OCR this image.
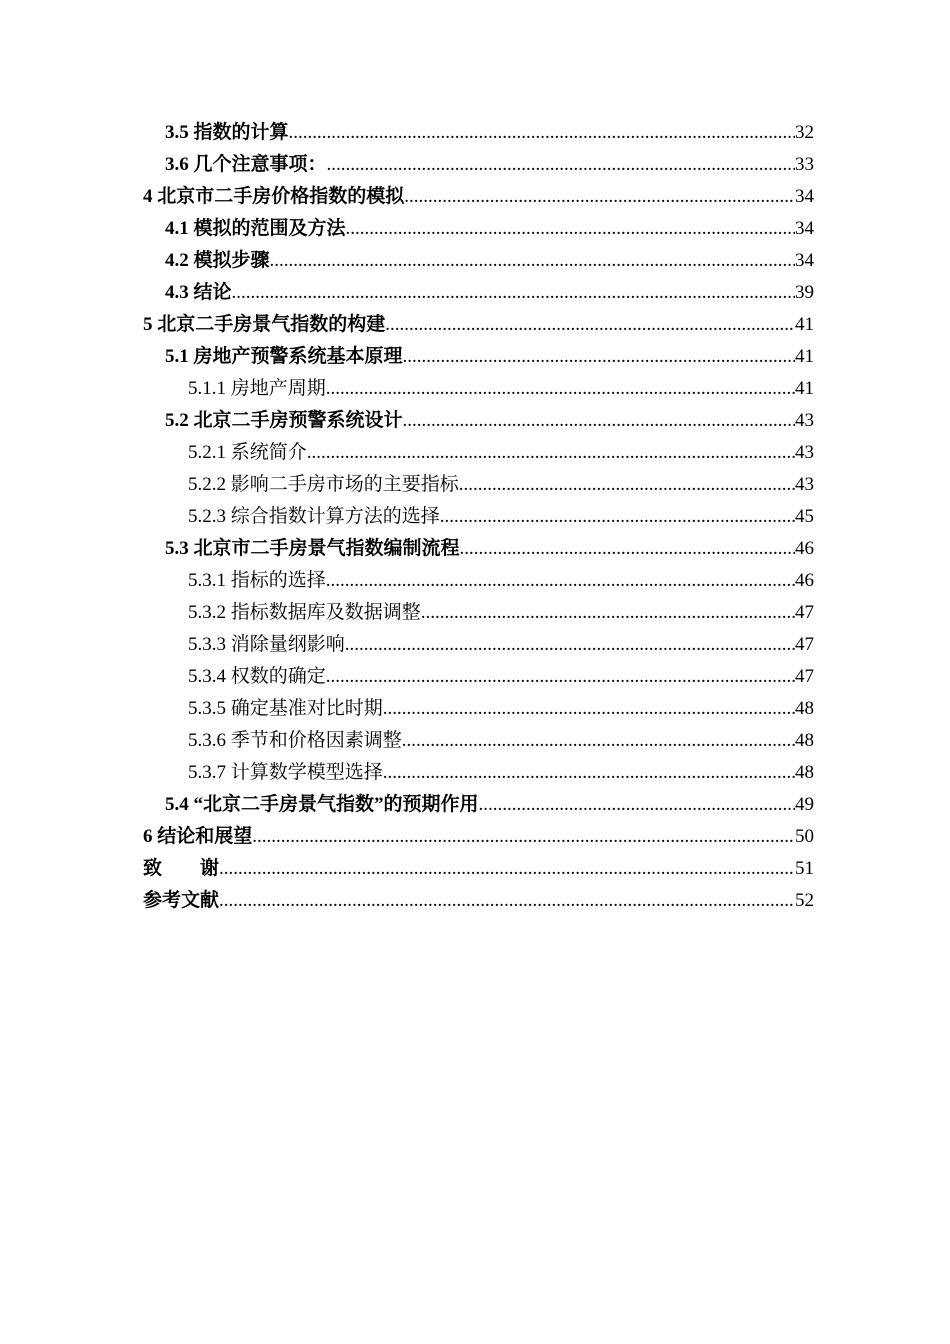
3.5 指数的计算 .....	32
3.6 几个注意事项： .....	33
4 北京市二手房价格指数的模拟 .....	34
4.1 模拟的范围及方法 .....	34
4.2 模拟步骤 .....	34
4.3 结论 .....	39
5 北京二手房景气指数的构建 .....	41
5.1 房地产预警系统基本原理 .....	41
5.1.1 房地产周期 .....	41
5.2 北京二手房预警系统设计 .....	43
5.2.1 系统简介 .....	43
5.2.2 影响二手房市场的主要指标 .....	43
5.2.3 综合指数计算方法的选择 .....	45
5.3 北京市二手房景气指数编制流程 .....	46
5.3.1 指标的选择 .....	46
5.3.2 指标数据库及数据调整 .....	47
5.3.3 消除量纲影响 .....	47
5.3.4 权数的确定 .....	47
5.3.5 确定基准对比时期 .....	48
5.3.6 季节和价格因素调整 .....	48
5.3.7 计算数学模型选择 .....	48
5.4 “北京二手房景气指数”的预期作用 .....	49
6 结论和展望 .....	50
致　　谢 .....	51
参考文献 .....	52
